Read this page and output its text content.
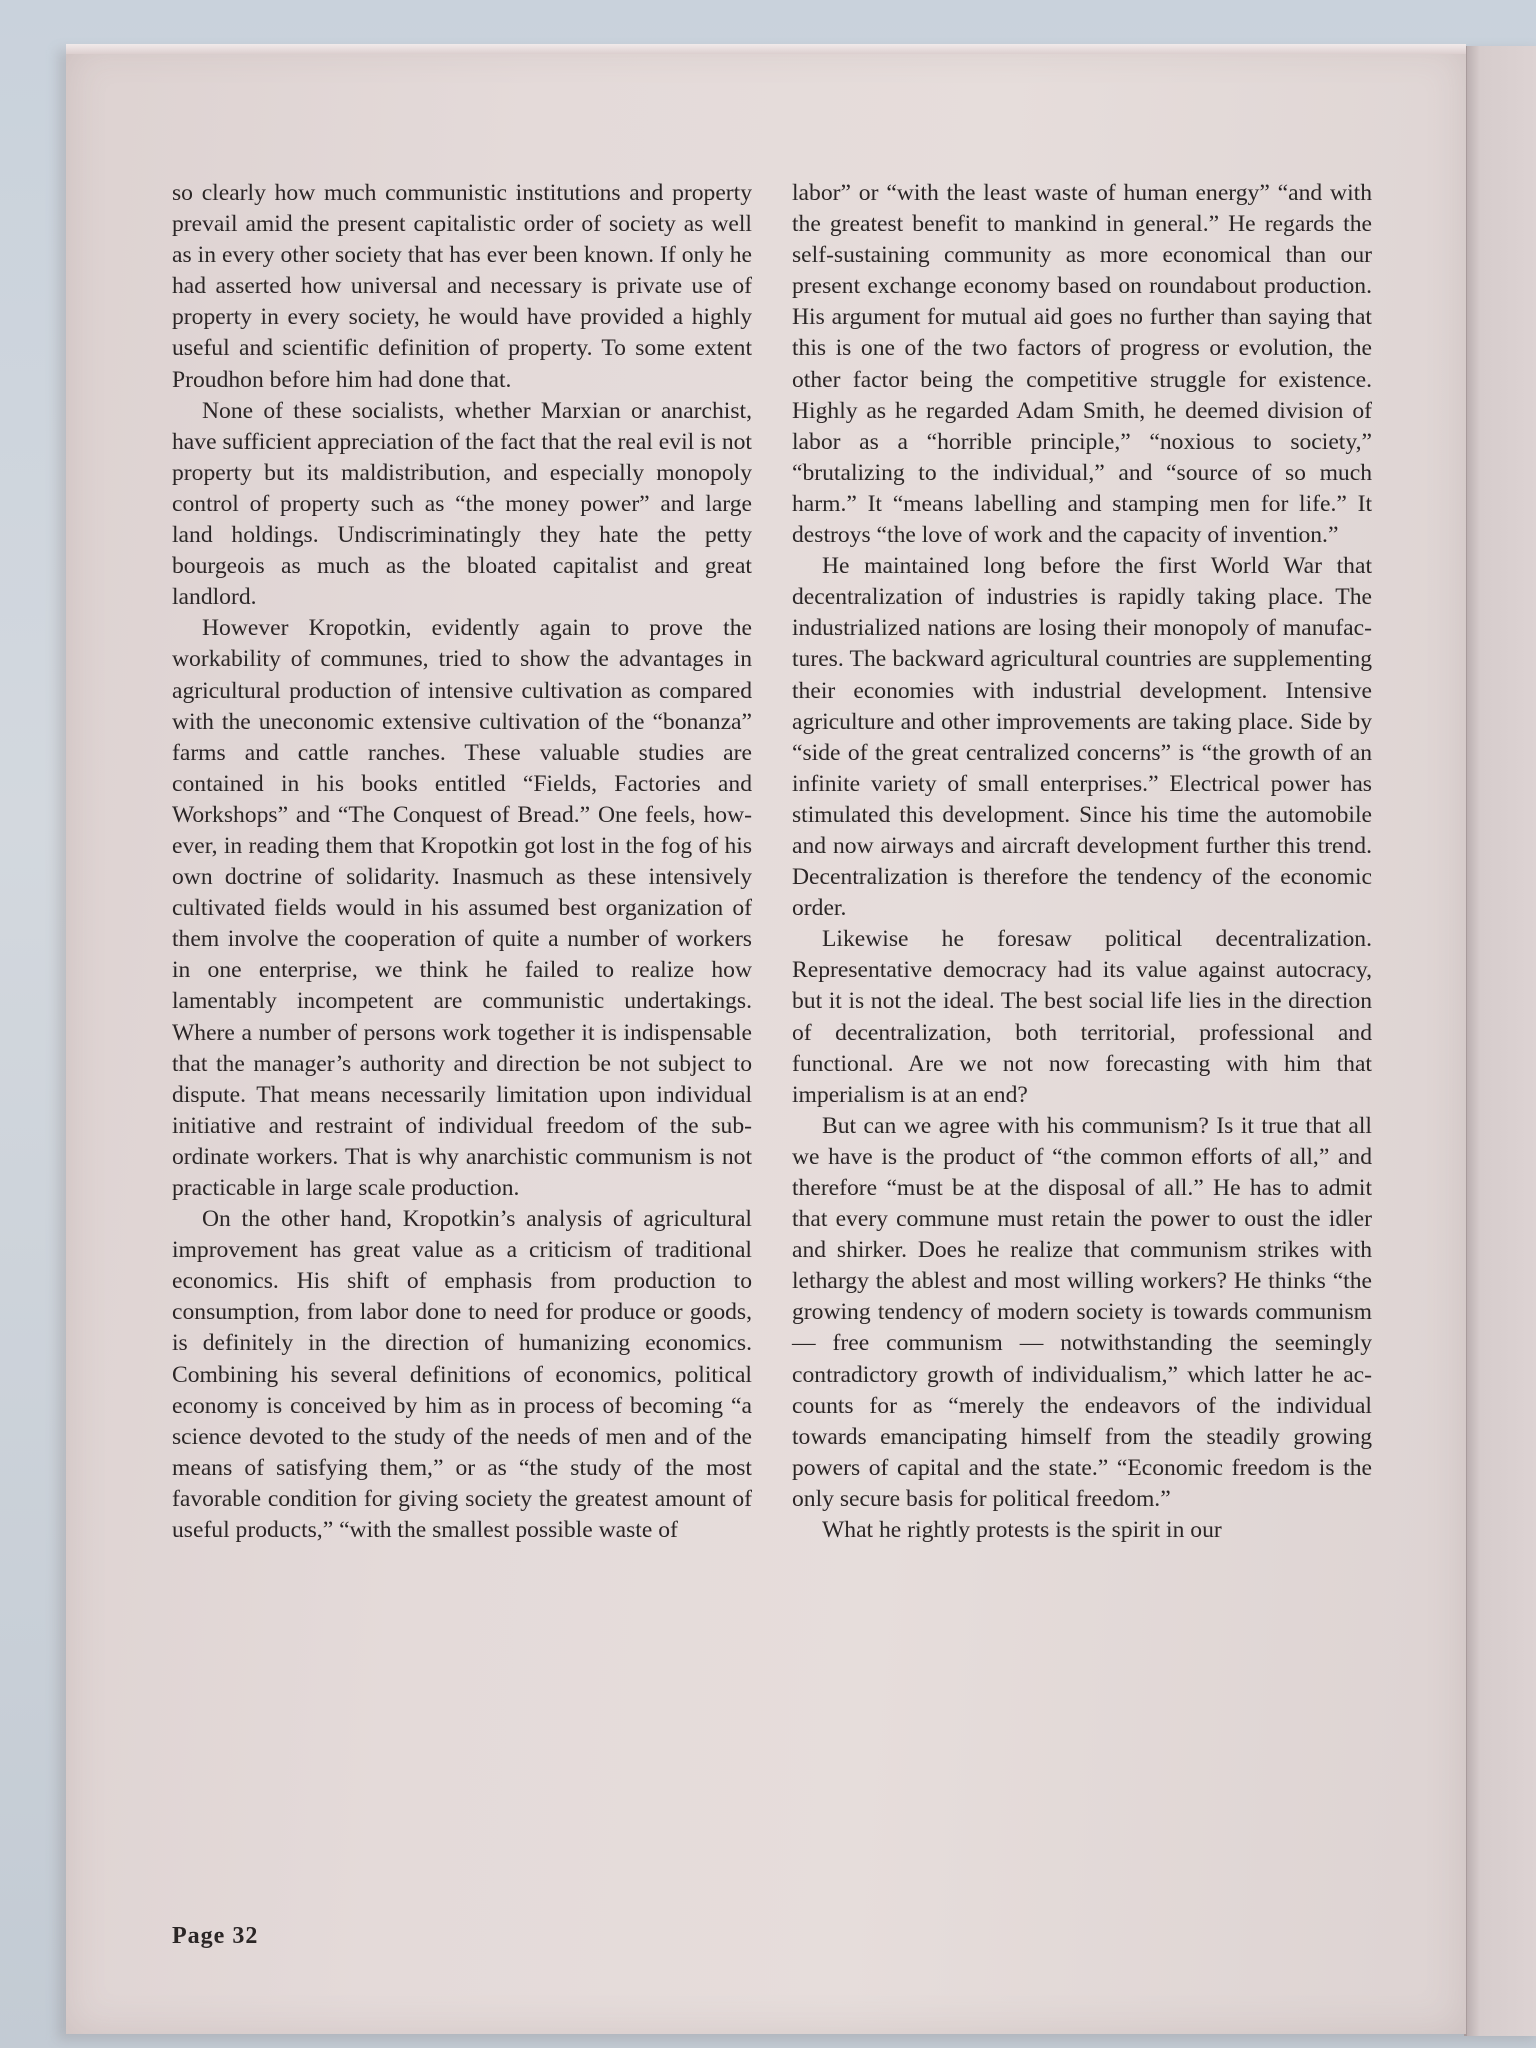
so clearly how much communistic institutions and property prevail amid the present capitalistic order of society as well as in every other society that has ever been known. If only he had asserted how universal and necessary is private use of property in every society, he would have provided a highly useful and scientific definition of property. To some extent Proudhon before him had done that.

None of these socialists, whether Marxian or anarchist, have sufficient appreciation of the fact that the real evil is not property but its maldistribution, and especially monopoly control of property such as “the money power” and large land holdings. Undiscriminatingly they hate the petty bourgeois as much as the bloated capitalist and great landlord.

However Kropotkin, evidently again to prove the workability of communes, tried to show the advantages in agricultural production of intensive cultivation as compared with the uneconomic extensive cultivation of the “bonanza” farms and cattle ranches. These valuable studies are contained in his books entitled “Fields, Factories and Workshops” and “The Conquest of Bread.” One feels, however, in reading them that Kropotkin got lost in the fog of his own doctrine of solidarity. Inasmuch as these intensively cultivated fields would in his assumed best organization of them involve the cooperation of quite a number of workers in one enterprise, we think he failed to realize how lamentably incompetent are communistic undertakings. Where a number of persons work together it is indispensable that the manager’s authority and direction be not subject to dispute. That means necessarily limitation upon individual initiative and restraint of individual freedom of the subordinate workers. That is why anarchistic communism is not practicable in large scale production.

On the other hand, Kropotkin’s analysis of agricultural improvement has great value as a criticism of traditional economics. His shift of emphasis from production to consumption, from labor done to need for produce or goods, is definitely in the direction of humanizing economics. Combining his several definitions of economics, political economy is conceived by him as in process of becoming “a science devoted to the study of the needs of men and of the means of satisfying them,” or as “the study of the most favorable condition for giving society the greatest amount of useful products,” “with the smallest possible waste of

labor” or “with the least waste of human energy” “and with the greatest benefit to mankind in general.” He regards the self-sustaining community as more economical than our present exchange economy based on roundabout production. His argument for mutual aid goes no further than saying that this is one of the two factors of progress or evolution, the other factor being the competitive struggle for existence. Highly as he regarded Adam Smith, he deemed division of labor as a “horrible principle,” “noxious to society,” “brutalizing to the individual,” and “source of so much harm.” It “means labelling and stamping men for life.” It destroys “the love of work and the capacity of invention.”

He maintained long before the first World War that decentralization of industries is rapidly taking place. The industrialized nations are losing their monopoly of manufactures. The backward agricultural countries are supplementing their economies with industrial development. Intensive agriculture and other improvements are taking place. Side by “side of the great centralized concerns” is “the growth of an infinite variety of small enterprises.” Electrical power has stimulated this development. Since his time the automobile and now airways and aircraft development further this trend. Decentralization is therefore the tendency of the economic order.

Likewise he foresaw political decentralization. Representative democracy had its value against autocracy, but it is not the ideal. The best social life lies in the direction of decentralization, both territorial, professional and functional. Are we not now forecasting with him that imperialism is at an end?

But can we agree with his communism? Is it true that all we have is the product of “the common efforts of all,” and therefore “must be at the disposal of all.” He has to admit that every commune must retain the power to oust the idler and shirker. Does he realize that communism strikes with lethargy the ablest and most willing workers? He thinks “the growing tendency of modern society is towards communism — free communism — notwithstanding the seemingly contradictory growth of individualism,” which latter he accounts for as “merely the endeavors of the individual towards emancipating himself from the steadily growing powers of capital and the state.” “Economic freedom is the only secure basis for political freedom.”

What he rightly protests is the spirit in our

Page 32
